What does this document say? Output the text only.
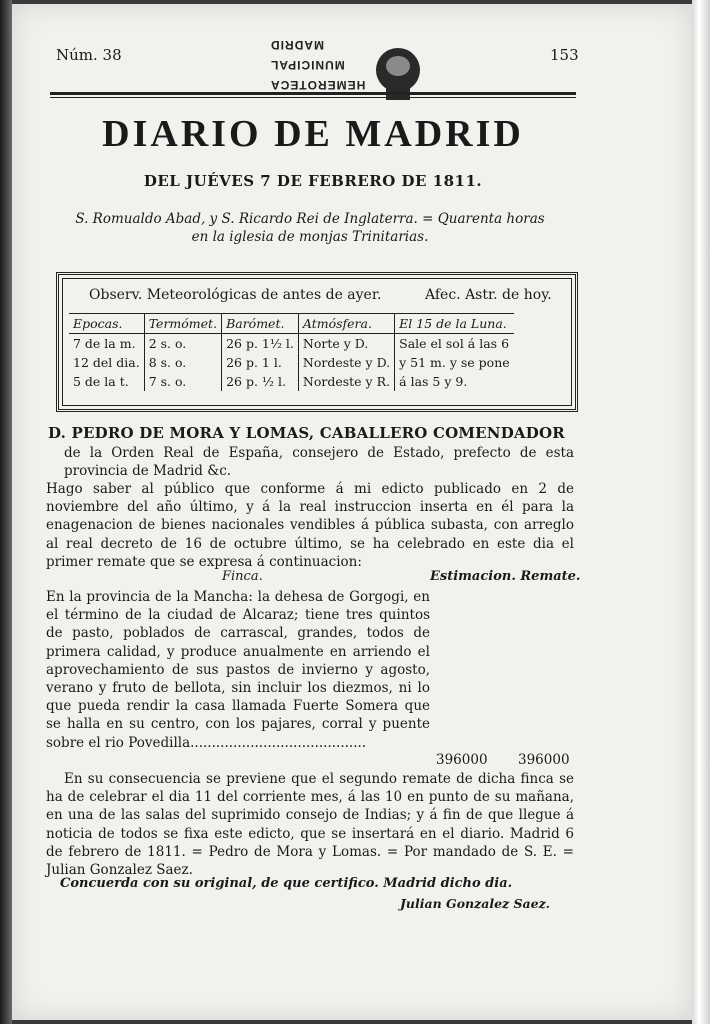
Núm. 38	153
MADRID
MUNICIPAL
HEMEROTECA
DIARIO DE MADRID
DEL JUÉVES 7 DE FEBRERO DE 1811.
S. Romualdo Abad, y S. Ricardo Rei de Inglaterra. = Quarenta horas
en la iglesia de monjas Trinitarias.
Observ. Meteorológicas de antes de ayer.	Afec. Astr. de hoy.
Epocas.	Termómet.	Barómet.	Atmósfera.	El 15 de la Luna.
7 de la m.	2 s. o.	26 p. 1½ l.	Norte y D.	Sale el sol á las 6
12 del dia.	8 s. o.	26 p. 1 l.	Nordeste y D.	y 51 m. y se pone
5 de la t.	7 s. o.	26 p. ½ l.	Nordeste y R.	á las 5 y 9.
D. PEDRO DE MORA Y LOMAS, CABALLERO COMENDADOR
de la Orden Real de España, consejero de Estado, prefecto de esta provincia de Madrid &c.
Hago saber al público que conforme á mi edicto publicado en 2 de noviembre del año último, y á la real instruccion inserta en él para la enagenacion de bienes nacionales vendibles á pública subasta, con arreglo al real decreto de 16 de octubre último, se ha celebrado en este dia el primer remate que se expresa á continuacion:
Finca.	Estimacion. Remate.
En la provincia de la Mancha: la dehesa de Gorgogi, en el término de la ciudad de Alcaraz; tiene tres quintos de pasto, poblados de carrascal, grandes, todos de primera calidad, y produce anualmente en arriendo el aprovechamiento de sus pastos de invierno y agosto, verano y fruto de bellota, sin incluir los diezmos, ni lo que pueda rendir la casa llamada Fuerte Somera que se halla en su centro, con los pajares, corral y puente sobre el rio Povedilla.........................................
396000 396000
En su consecuencia se previene que el segundo remate de dicha finca se ha de celebrar el dia 11 del corriente mes, á las 10 en punto de su mañana, en una de las salas del suprimido consejo de Indias; y á fin de que llegue á noticia de todos se fixa este edicto, que se insertará en el diario. Madrid 6 de febrero de 1811. = Pedro de Mora y Lomas. = Por mandado de S. E. = Julian Gonzalez Saez.
Concuerda con su original, de que certifico. Madrid dicho dia.
Julian Gonzalez Saez.
